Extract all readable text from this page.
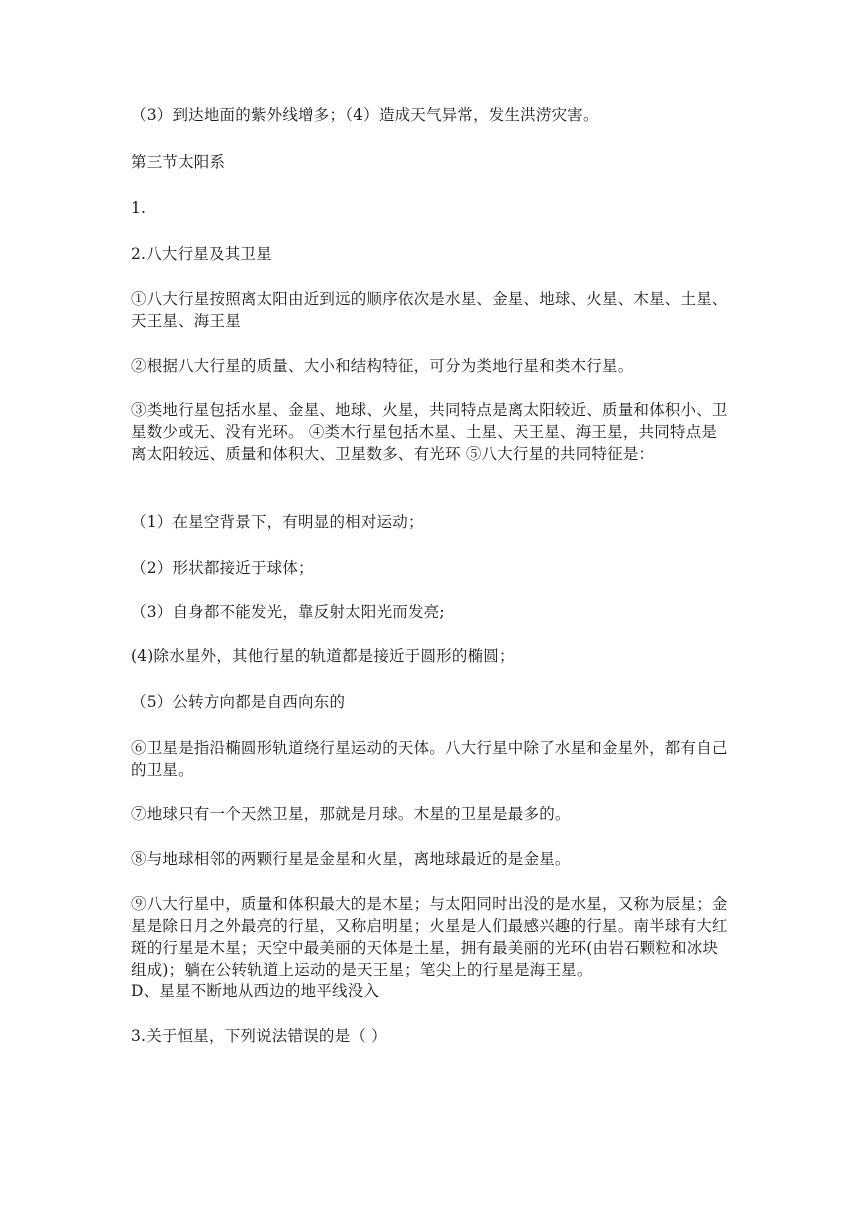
（3）到达地面的紫外线增多；（4）造成天气异常，发生洪涝灾害。

第三节太阳系

1.

2.八大行星及其卫星

①八大行星按照离太阳由近到远的顺序依次是水星、金星、地球、火星、木星、土星、天王星、海王星

②根据八大行星的质量、大小和结构特征，可分为类地行星和类木行星。

③类地行星包括水星、金星、地球、火星，共同特点是离太阳较近、质量和体积小、卫星数少或无、没有光环。 ④类木行星包括木星、土星、天王星、海王星，共同特点是离太阳较远、质量和体积大、卫星数多、有光环 ⑤八大行星的共同特征是：

（1）在星空背景下，有明显的相对运动；

（2）形状都接近于球体；

（3）自身都不能发光，靠反射太阳光而发亮;

(4)除水星外，其他行星的轨道都是接近于圆形的椭圆；

（5）公转方向都是自西向东的

⑥卫星是指沿椭圆形轨道绕行星运动的天体。八大行星中除了水星和金星外，都有自己的卫星。

⑦地球只有一个天然卫星，那就是月球。木星的卫星是最多的。

⑧与地球相邻的两颗行星是金星和火星，离地球最近的是金星。

⑨八大行星中，质量和体积最大的是木星；与太阳同时出没的是水星，又称为辰星；金星是除日月之外最亮的行星，又称启明星；火星是人们最感兴趣的行星。南半球有大红斑的行星是木星；天空中最美丽的天体是土星，拥有最美丽的光环(由岩石颗粒和冰块组成)；躺在公转轨道上运动的是天王星；笔尖上的行星是海王星。

D、星星不断地从西边的地平线没入

3.关于恒星，下列说法错误的是（ ）
